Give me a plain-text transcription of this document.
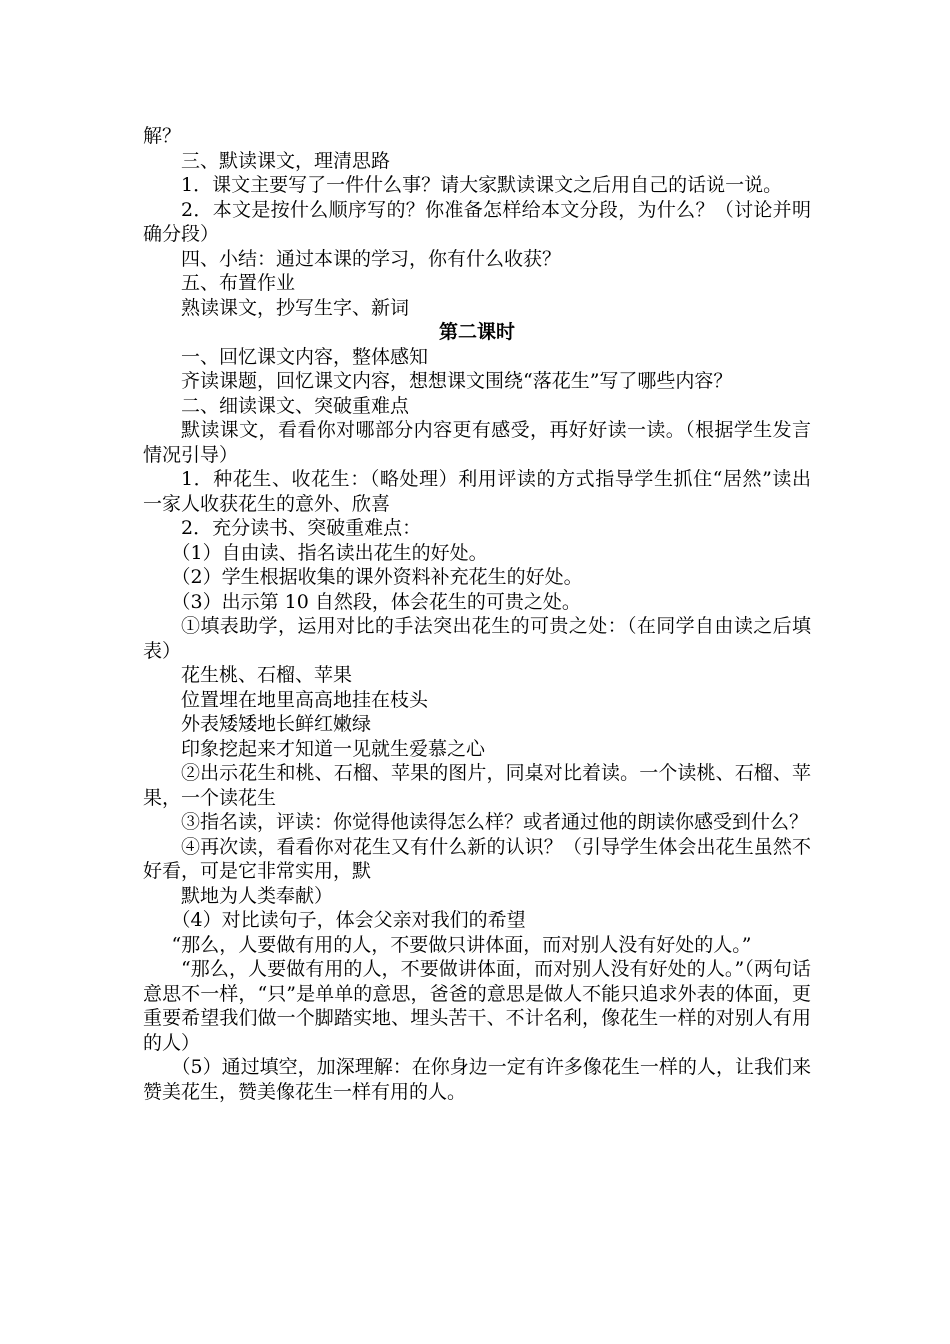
解？

三、默读课文，理清思路

1．课文主要写了一件什么事？请大家默读课文之后用自己的话说一说。

2．本文是按什么顺序写的？你准备怎样给本文分段，为什么？（讨论并明确分段）

四、小结：通过本课的学习，你有什么收获？

五、布置作业

熟读课文，抄写生字、新词

第二课时

一、回忆课文内容，整体感知

齐读课题，回忆课文内容，想想课文围绕“落花生”写了哪些内容？

二、细读课文、突破重难点

默读课文，看看你对哪部分内容更有感受，再好好读一读。（根据学生发言情况引导）

1．种花生、收花生：（略处理）利用评读的方式指导学生抓住“居然”读出一家人收获花生的意外、欣喜

2．充分读书、突破重难点：

（1）自由读、指名读出花生的好处。

（2）学生根据收集的课外资料补充花生的好处。

（3）出示第 10 自然段，体会花生的可贵之处。

①填表助学，运用对比的手法突出花生的可贵之处：（在同学自由读之后填表）

花生桃、石榴、苹果

位置埋在地里高高地挂在枝头

外表矮矮地长鲜红嫩绿

印象挖起来才知道一见就生爱慕之心

②出示花生和桃、石榴、苹果的图片，同桌对比着读。一个读桃、石榴、苹果，一个读花生

③指名读，评读：你觉得他读得怎么样？或者通过他的朗读你感受到什么？

④再次读，看看你对花生又有什么新的认识？（引导学生体会出花生虽然不好看，可是它非常实用，默

默地为人类奉献）

（4）对比读句子，体会父亲对我们的希望

“那么，人要做有用的人，不要做只讲体面，而对别人没有好处的人。”

“那么，人要做有用的人，不要做讲体面，而对别人没有好处的人。”（两句话意思不一样，“只”是单单的意思，爸爸的意思是做人不能只追求外表的体面，更重要希望我们做一个脚踏实地、埋头苦干、不计名利，像花生一样的对别人有用的人）

（5）通过填空，加深理解：在你身边一定有许多像花生一样的人，让我们来赞美花生，赞美像花生一样有用的人。
